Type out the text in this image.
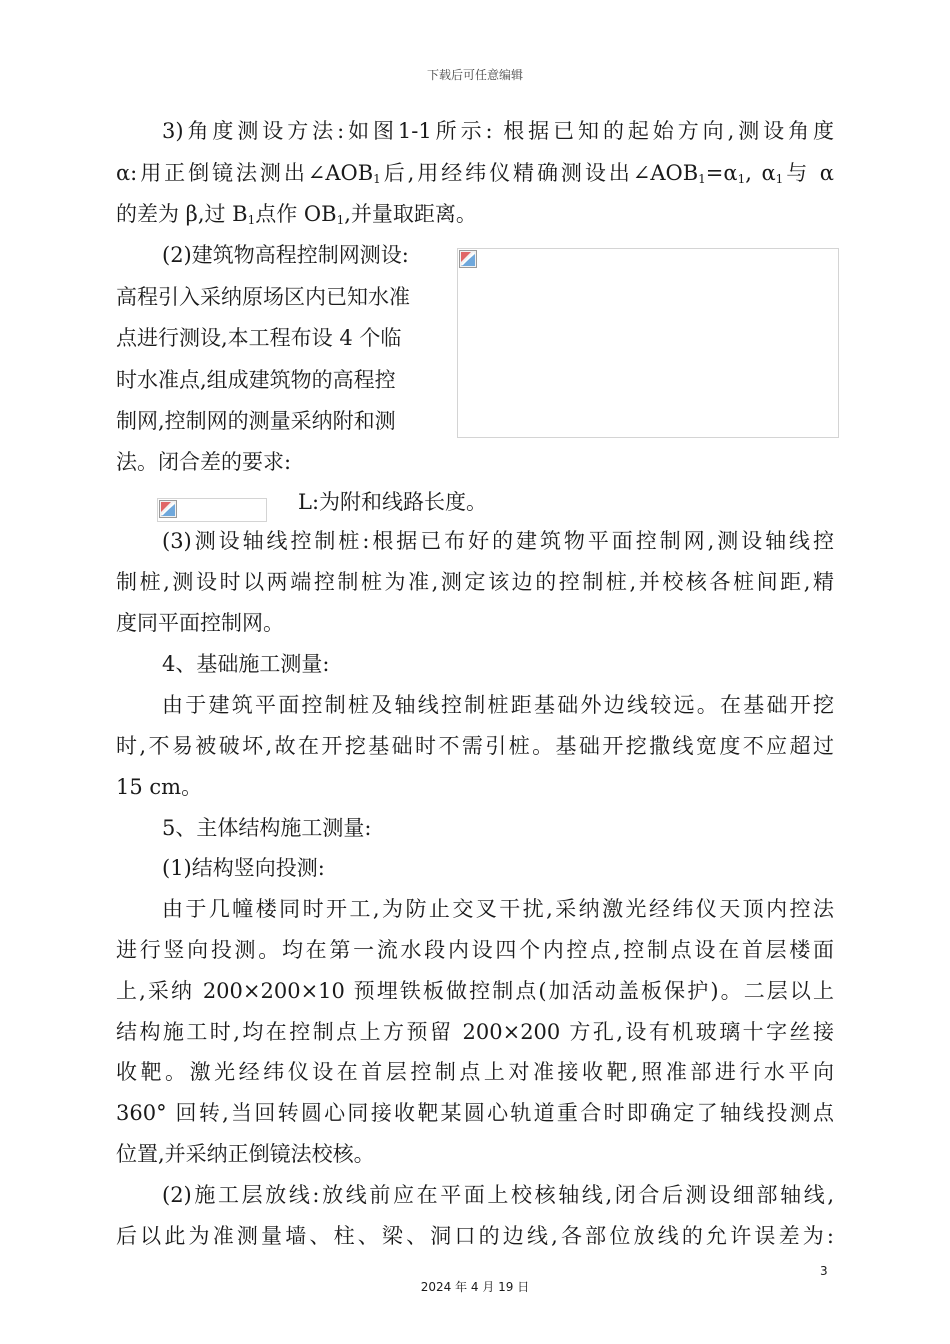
下载后可任意编辑
3)角度测设方法:如图1-1所示: 根据已知的起始方向,测设角度
α:用正倒镜法测出$\angle AOB_1$后,用经纬仪精确测设出$\angle AOB_1=\alpha_1$, $\alpha_1$与 α
的差为 β,过 $B_1$点作 $OB_1$,并量取距离。
(2)建筑物高程控制网测设:
高程引入采纳原场区内已知水准
点进行测设,本工程布设 4 个临
时水准点,组成建筑物的高程控
制网,控制网的测量采纳附和测
法。闭合差的要求:
L:为附和线路长度。
(3)测设轴线控制桩:根据已布好的建筑物平面控制网,测设轴线控
制桩,测设时以两端控制桩为准,测定该边的控制桩,并校核各桩间距,精
度同平面控制网。
4、基础施工测量:
由于建筑平面控制桩及轴线控制桩距基础外边线较远。在基础开挖
时,不易被破坏,故在开挖基础时不需引桩。基础开挖撒线宽度不应超过
15 cm。
5、主体结构施工测量:
(1)结构竖向投测:
由于几幢楼同时开工,为防止交叉干扰,采纳激光经纬仪天顶内控法
进行竖向投测。均在第一流水段内设四个内控点,控制点设在首层楼面
上,采纳 200×200×10 预埋铁板做控制点(加活动盖板保护)。二层以上
结构施工时,均在控制点上方预留 200×200 方孔,设有机玻璃十字丝接
收靶。激光经纬仪设在首层控制点上对准接收靶,照准部进行水平向
360° 回转,当回转圆心同接收靶某圆心轨道重合时即确定了轴线投测点
位置,并采纳正倒镜法校核。
(2)施工层放线:放线前应在平面上校核轴线,闭合后测设细部轴线,
后以此为准测量墙、柱、梁、洞口的边线,各部位放线的允许误差为:
3
2024 年 4 月 19 日
